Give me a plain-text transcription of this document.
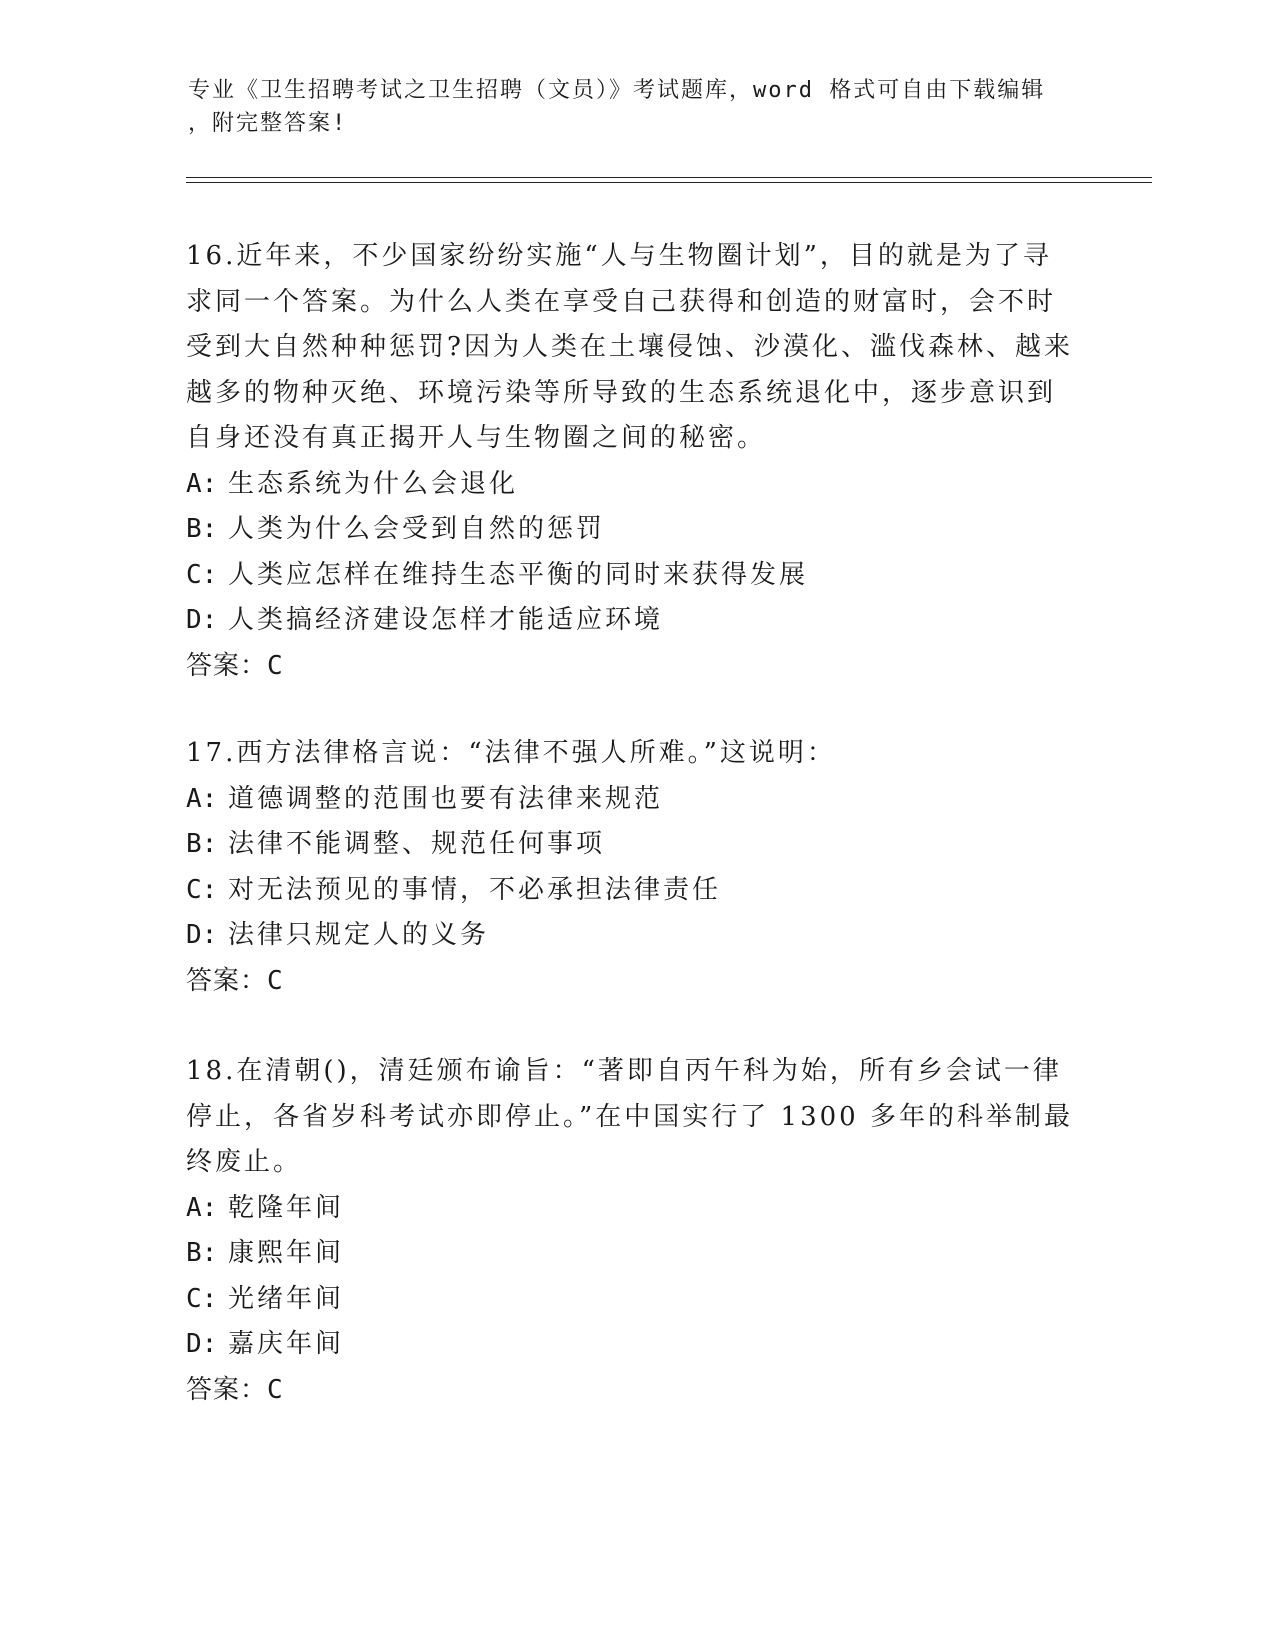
专业《卫生招聘考试之卫生招聘（文员）》考试题库，word 格式可自由下载编辑
，附完整答案!

16.近年来，不少国家纷纷实施“人与生物圈计划”，目的就是为了寻

求同一个答案。为什么人类在享受自己获得和创造的财富时，会不时

受到大自然种种惩罚?因为人类在土壤侵蚀、沙漠化、滥伐森林、越来

越多的物种灭绝、环境污染等所导致的生态系统退化中，逐步意识到

自身还没有真正揭开人与生物圈之间的秘密。

A: 生态系统为什么会退化

B: 人类为什么会受到自然的惩罚

C: 人类应怎样在维持生态平衡的同时来获得发展

D: 人类搞经济建设怎样才能适应环境

答案：C

17.西方法律格言说：“法律不强人所难。”这说明：

A: 道德调整的范围也要有法律来规范

B: 法律不能调整、规范任何事项

C: 对无法预见的事情，不必承担法律责任

D: 法律只规定人的义务

答案：C

18.在清朝()，清廷颁布谕旨：“著即自丙午科为始，所有乡会试一律

停止，各省岁科考试亦即停止。”在中国实行了 1300 多年的科举制最

终废止。

A: 乾隆年间

B: 康熙年间

C: 光绪年间

D: 嘉庆年间

答案：C
